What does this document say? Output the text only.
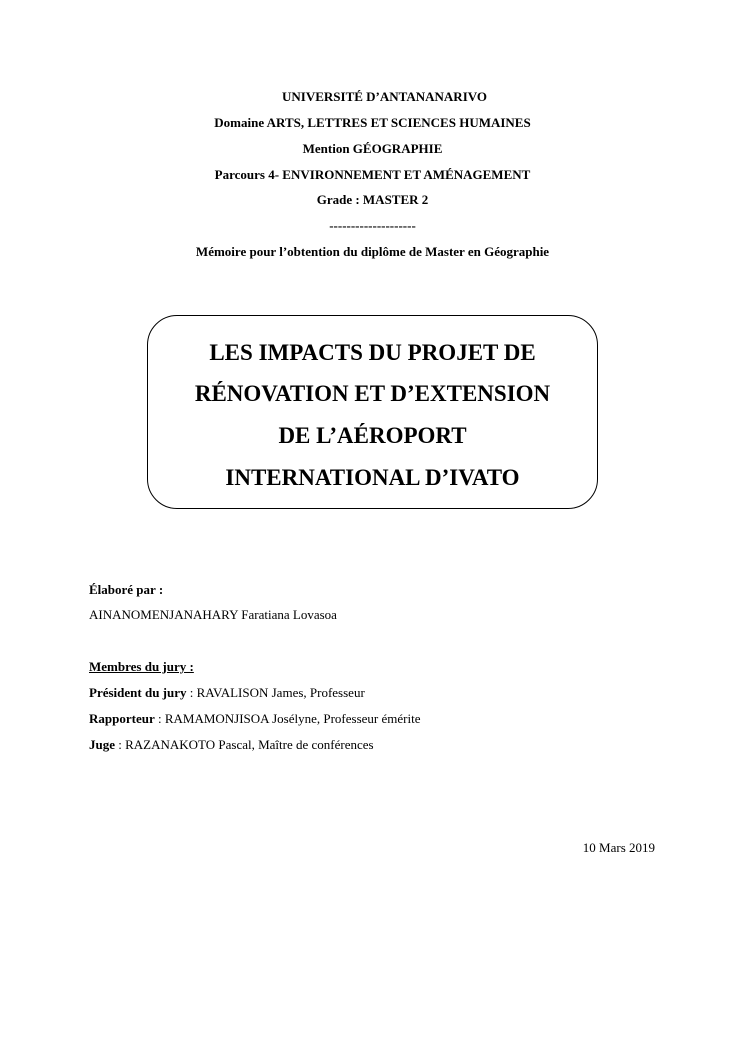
UNIVERSITÉ D’ANTANANARIVO
Domaine ARTS, LETTRES ET SCIENCES HUMAINES
Mention GÉOGRAPHIE
Parcours 4- ENVIRONNEMENT ET AMÉNAGEMENT
Grade : MASTER 2
--------------------
Mémoire pour l’obtention du diplôme de Master en Géographie
LES IMPACTS DU PROJET DE
RÉNOVATION ET D’EXTENSION
DE L’AÉROPORT
INTERNATIONAL D’IVATO
Élaboré par :
AINANOMENJANAHARY Faratiana Lovasoa
Membres du jury :
Président du jury : RAVALISON James, Professeur
Rapporteur : RAMAMONJISOA Josélyne, Professeur émérite
Juge : RAZANAKOTO Pascal, Maître de conférences
10 Mars 2019
